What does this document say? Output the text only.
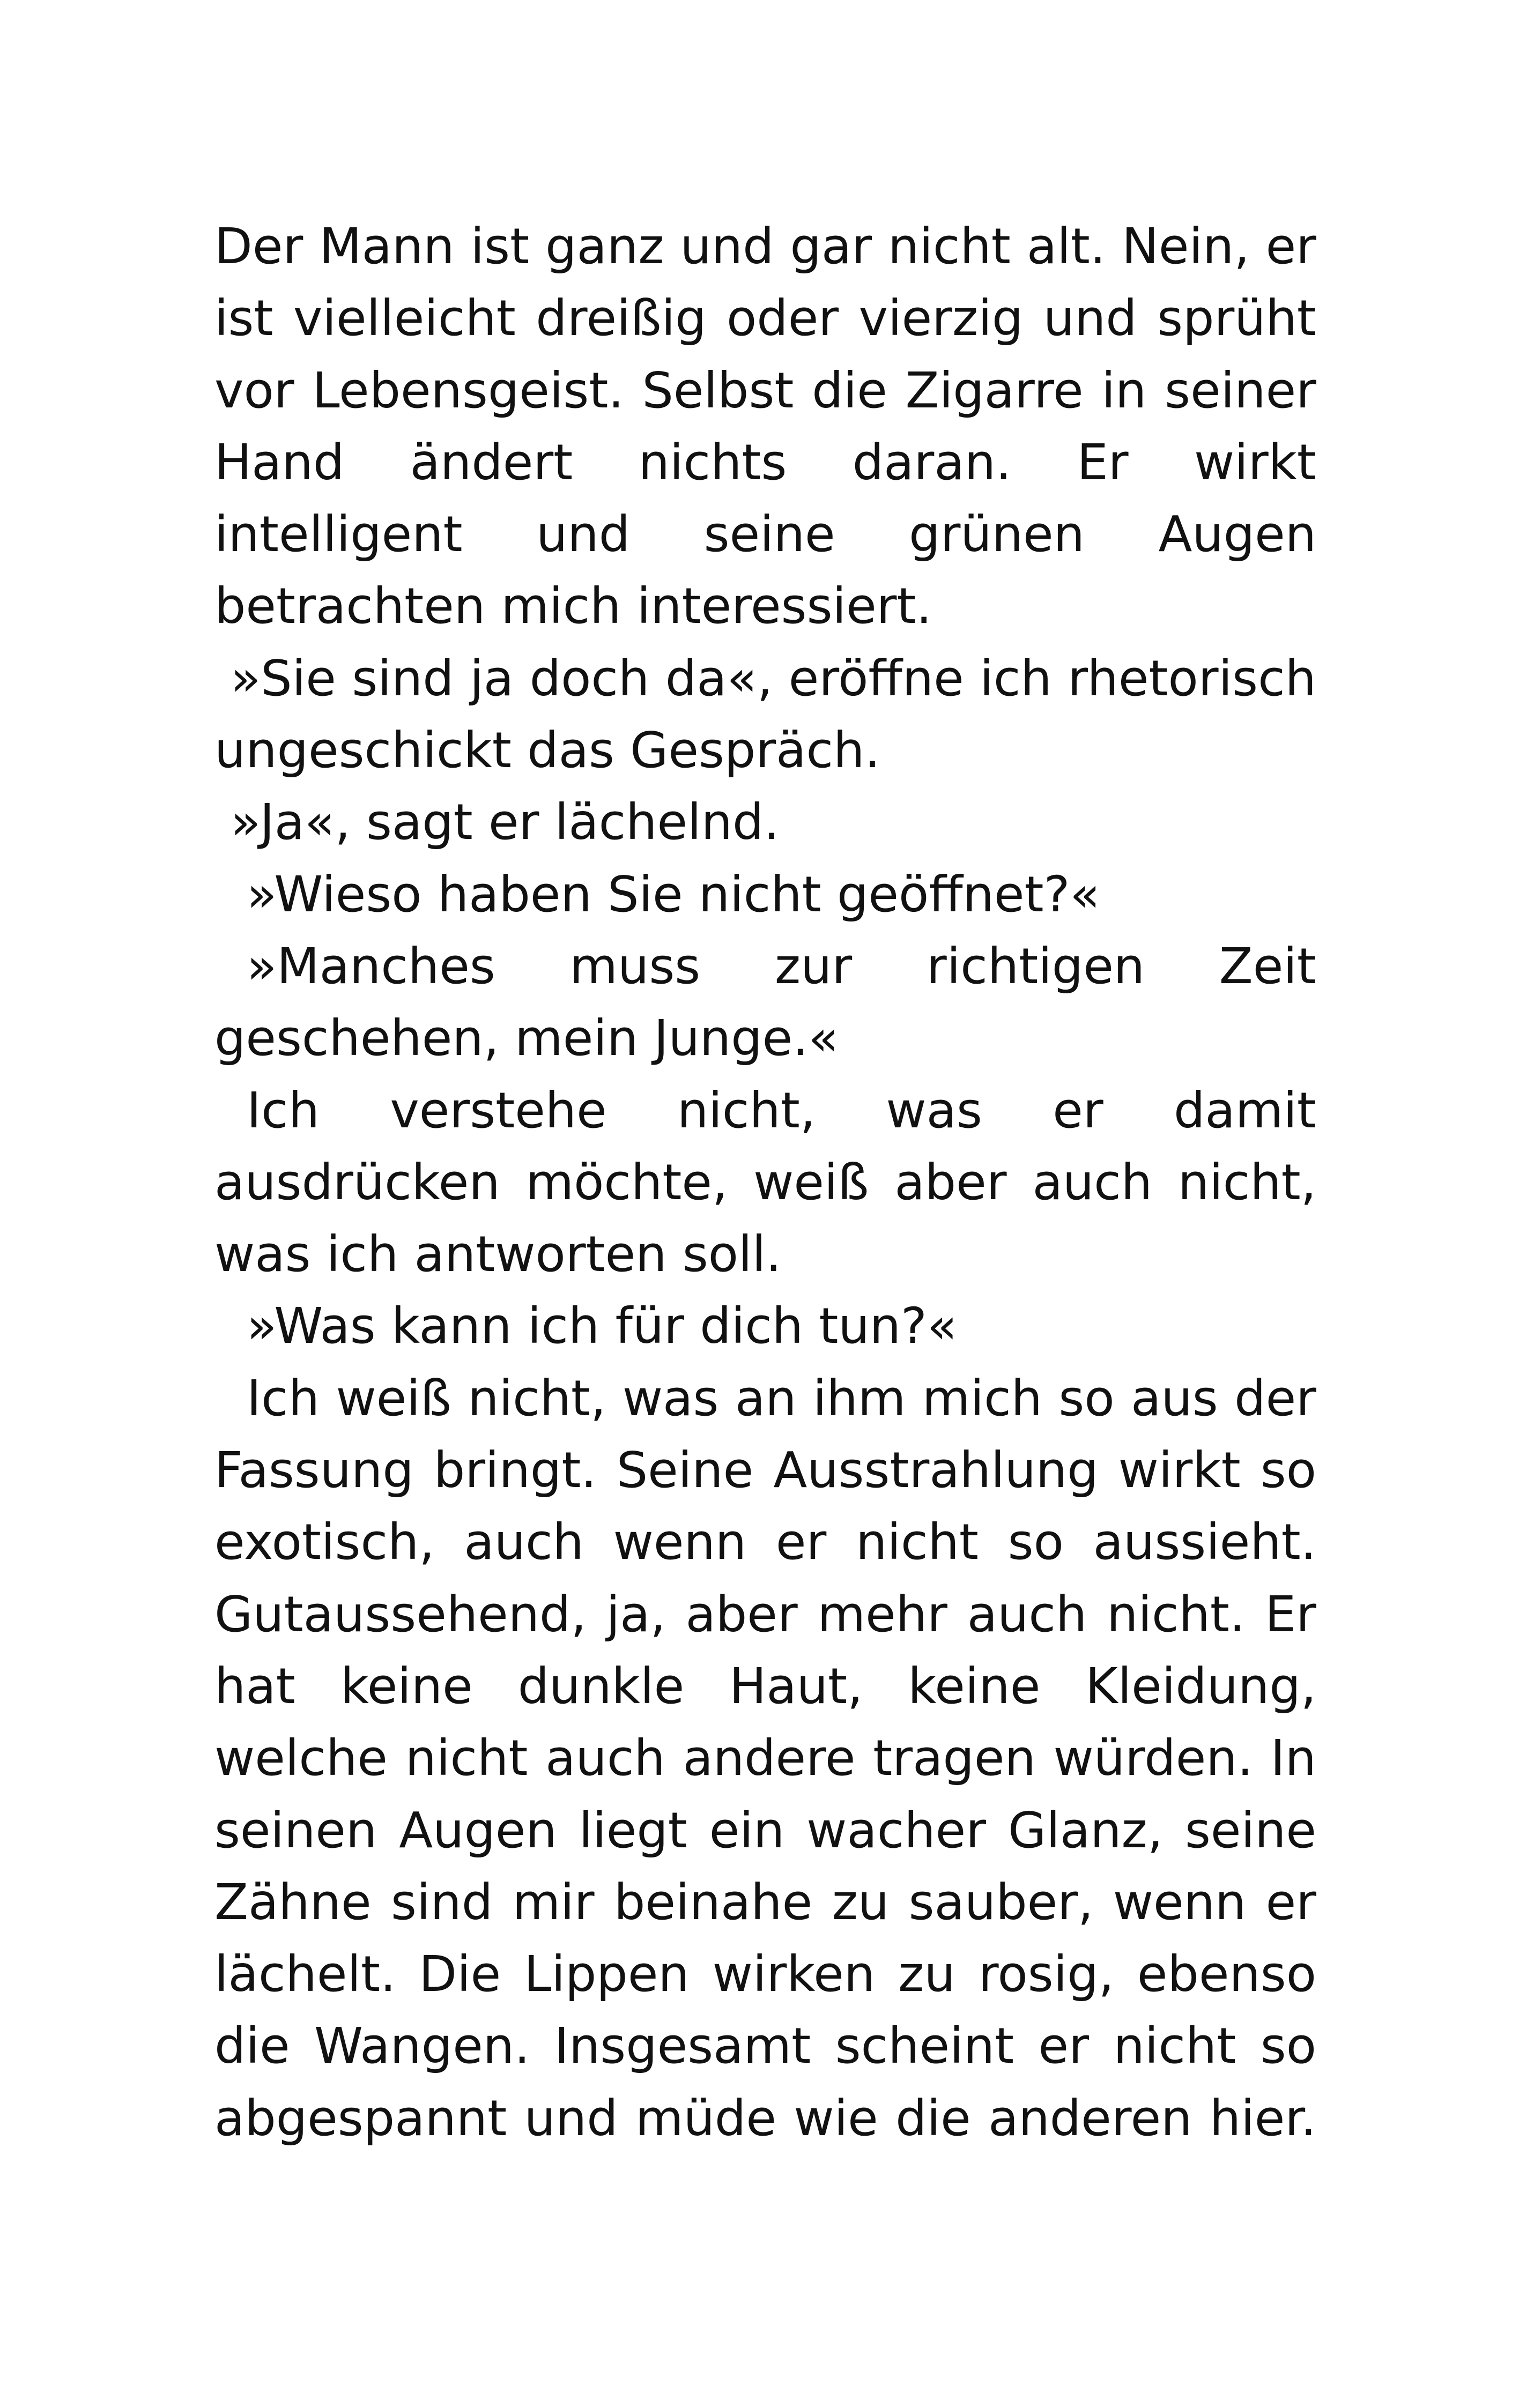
Der Mann ist ganz und gar nicht alt. Nein, er
ist vielleicht dreißig oder vierzig und sprüht
vor Lebensgeist. Selbst die Zigarre in seiner
Hand ändert nichts daran. Er wirkt
intelligent und seine grünen Augen
betrachten mich interessiert.
»Sie sind ja doch da«, eröffne ich rhetorisch
ungeschickt das Gespräch.
»Ja«, sagt er lächelnd.
»Wieso haben Sie nicht geöffnet?«
»Manches muss zur richtigen Zeit
geschehen, mein Junge.«
Ich verstehe nicht, was er damit
ausdrücken möchte, weiß aber auch nicht,
was ich antworten soll.
»Was kann ich für dich tun?«
Ich weiß nicht, was an ihm mich so aus der
Fassung bringt. Seine Ausstrahlung wirkt so
exotisch, auch wenn er nicht so aussieht.
Gutaussehend, ja, aber mehr auch nicht. Er
hat keine dunkle Haut, keine Kleidung,
welche nicht auch andere tragen würden. In
seinen Augen liegt ein wacher Glanz, seine
Zähne sind mir beinahe zu sauber, wenn er
lächelt. Die Lippen wirken zu rosig, ebenso
die Wangen. Insgesamt scheint er nicht so
abgespannt und müde wie die anderen hier.
